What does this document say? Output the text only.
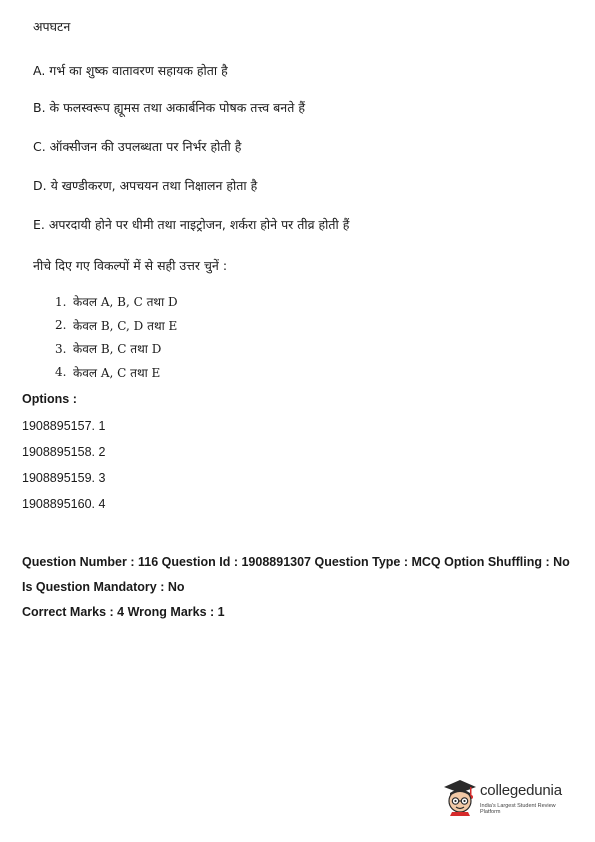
अपघटन
A. गर्भ का शुष्क वातावरण सहायक होता है
B. के फलस्वरूप ह्यूमस तथा अकार्बनिक पोषक तत्त्व बनते हैं
C. ऑक्सीजन की उपलब्धता पर निर्भर होती है
D. ये खण्डीकरण, अपचयन तथा निक्षालन होता है
E. अपरदायी होने पर धीमी तथा नाइट्रोजन, शर्करा होने पर तीव्र होती हैं
नीचे दिए गए विकल्पों में से सही उत्तर चुनें :
1. केवल A, B, C तथा D
2. केवल B, C, D तथा E
3. केवल B, C तथा D
4. केवल A, C तथा E
Options :
1908895157. 1
1908895158. 2
1908895159. 3
1908895160. 4
Question Number : 116 Question Id : 1908891307 Question Type : MCQ Option Shuffling : No
Is Question Mandatory : No
Correct Marks : 4 Wrong Marks : 1
collegedunia
India's Largest Student Review Platform
